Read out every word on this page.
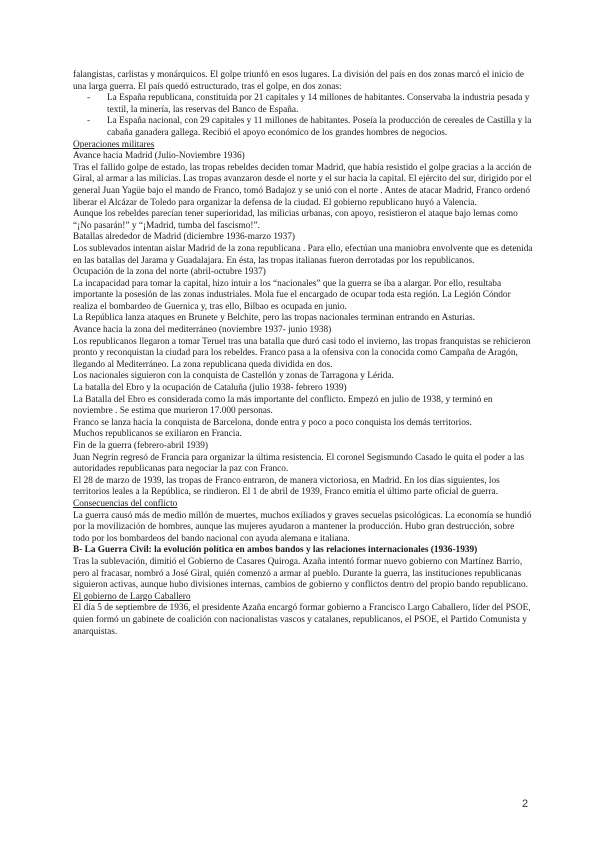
falangistas, carlistas y monárquicos. El golpe triunfó en esos lugares. La división del país en dos zonas marcó el inicio de una larga guerra. El país quedó estructurado, tras el golpe, en dos zonas:

- La España republicana, constituida por 21 capitales y 14 millones de habitantes. Conservaba la industria pesada y textil, la minería, las reservas del Banco de España.
- La España nacional, con 29 capitales y 11 millones de habitantes. Poseía la producción de cereales de Castilla y la cabaña ganadera gallega. Recibió el apoyo económico de los grandes hombres de negocios.

Operaciones militares

Avance hacia Madrid (Julio-Noviembre 1936)

Tras el fallido golpe de estado, las tropas rebeldes deciden tomar Madrid, que había resistido el golpe gracias a la acción de Giral, al armar a las milicias. Las tropas avanzaron desde el norte y el sur hacia la capital. El ejército del sur, dirigido por el general Juan Yagüe bajo el mando de Franco, tomó Badajoz y se unió con el norte . Antes de atacar Madrid, Franco ordenó liberar el Alcázar de Toledo para organizar la defensa de la ciudad. El gobierno republicano huyó a Valencia.

Aunque los rebeldes parecían tener superioridad, las milicias urbanas, con apoyo, resistieron el ataque bajo lemas como “¡No pasarán!” y “¡Madrid, tumba del fascismo!”.

Batallas alrededor de Madrid (diciembre 1936-marzo 1937)

Los sublevados intentan aislar Madrid de la zona republicana . Para ello, efectúan una maniobra envolvente que es detenida en las batallas del Jarama y Guadalajara. En ésta, las tropas italianas fueron derrotadas por los republicanos.

Ocupación de la zona del norte (abril-octubre 1937)

La incapacidad para tomar la capital, hizo intuir a los “nacionales” que la guerra se iba a alargar. Por ello, resultaba importante la posesión de las zonas industriales. Mola fue el encargado de ocupar toda esta región. La Legión Cóndor realiza el bombardeo de Guernica y, tras ello, Bilbao es ocupada en junio.

La República lanza ataques en Brunete y Belchite, pero las tropas nacionales terminan entrando en Asturias.

Avance hacia la zona del mediterráneo (noviembre 1937- junio 1938)

Los republicanos llegaron a tomar Teruel tras una batalla que duró casi todo el invierno, las tropas franquistas se rehicieron pronto y reconquistan la ciudad para los rebeldes. Franco pasa a la ofensiva con la conocida como Campaña de Aragón, llegando al Mediterráneo. La zona republicana queda dividida en dos.

Los nacionales siguieron con la conquista de Castellón y zonas de Tarragona y Lérida.

La batalla del Ebro y la ocupación de Cataluña (julio 1938- febrero 1939)

La Batalla del Ebro es considerada como la más importante del conflicto. Empezó en julio de 1938, y terminó en noviembre . Se estima que murieron 17.000 personas.

Franco se lanza hacia la conquista de Barcelona, donde entra y poco a poco conquista los demás territorios.

Muchos republicanos se exiliaron en Francia.

Fin de la guerra (febrero-abril 1939)

Juan Negrín regresó de Francia para organizar la última resistencia. El coronel Segismundo Casado le quita el poder a las autoridades republicanas para negociar la paz con Franco.

El 28 de marzo de 1939, las tropas de Franco entraron, de manera victoriosa, en Madrid. En los días siguientes, los territorios leales a la República, se rindieron. El 1 de abril de 1939, Franco emitía el último parte oficial de guerra.

Consecuencias del conflicto

La guerra causó más de medio millón de muertes, muchos exiliados y graves secuelas psicológicas. La economía se hundió por la movilización de hombres, aunque las mujeres ayudaron a mantener la producción. Hubo gran destrucción, sobre todo por los bombardeos del bando nacional con ayuda alemana e italiana.

B- La Guerra Civil: la evolución política en ambos bandos y las relaciones internacionales (1936-1939)

Tras la sublevación, dimitió el Gobierno de Casares Quiroga. Azaña intentó formar nuevo gobierno con Martínez Barrio, pero al fracasar, nombró a José Giral, quién comenzó a armar al pueblo. Durante la guerra, las instituciones republicanas siguieron activas, aunque hubo divisiones internas, cambios de gobierno y conflictos dentro del propio bando republicano.

El gobierno de Largo Caballero

El día 5 de septiembre de 1936, el presidente Azaña encargó formar gobierno a Francisco Largo Caballero, líder del PSOE, quien formó un gabinete de coalición con nacionalistas vascos y catalanes, republicanos, el PSOE, el Partido Comunista y anarquistas.

2
